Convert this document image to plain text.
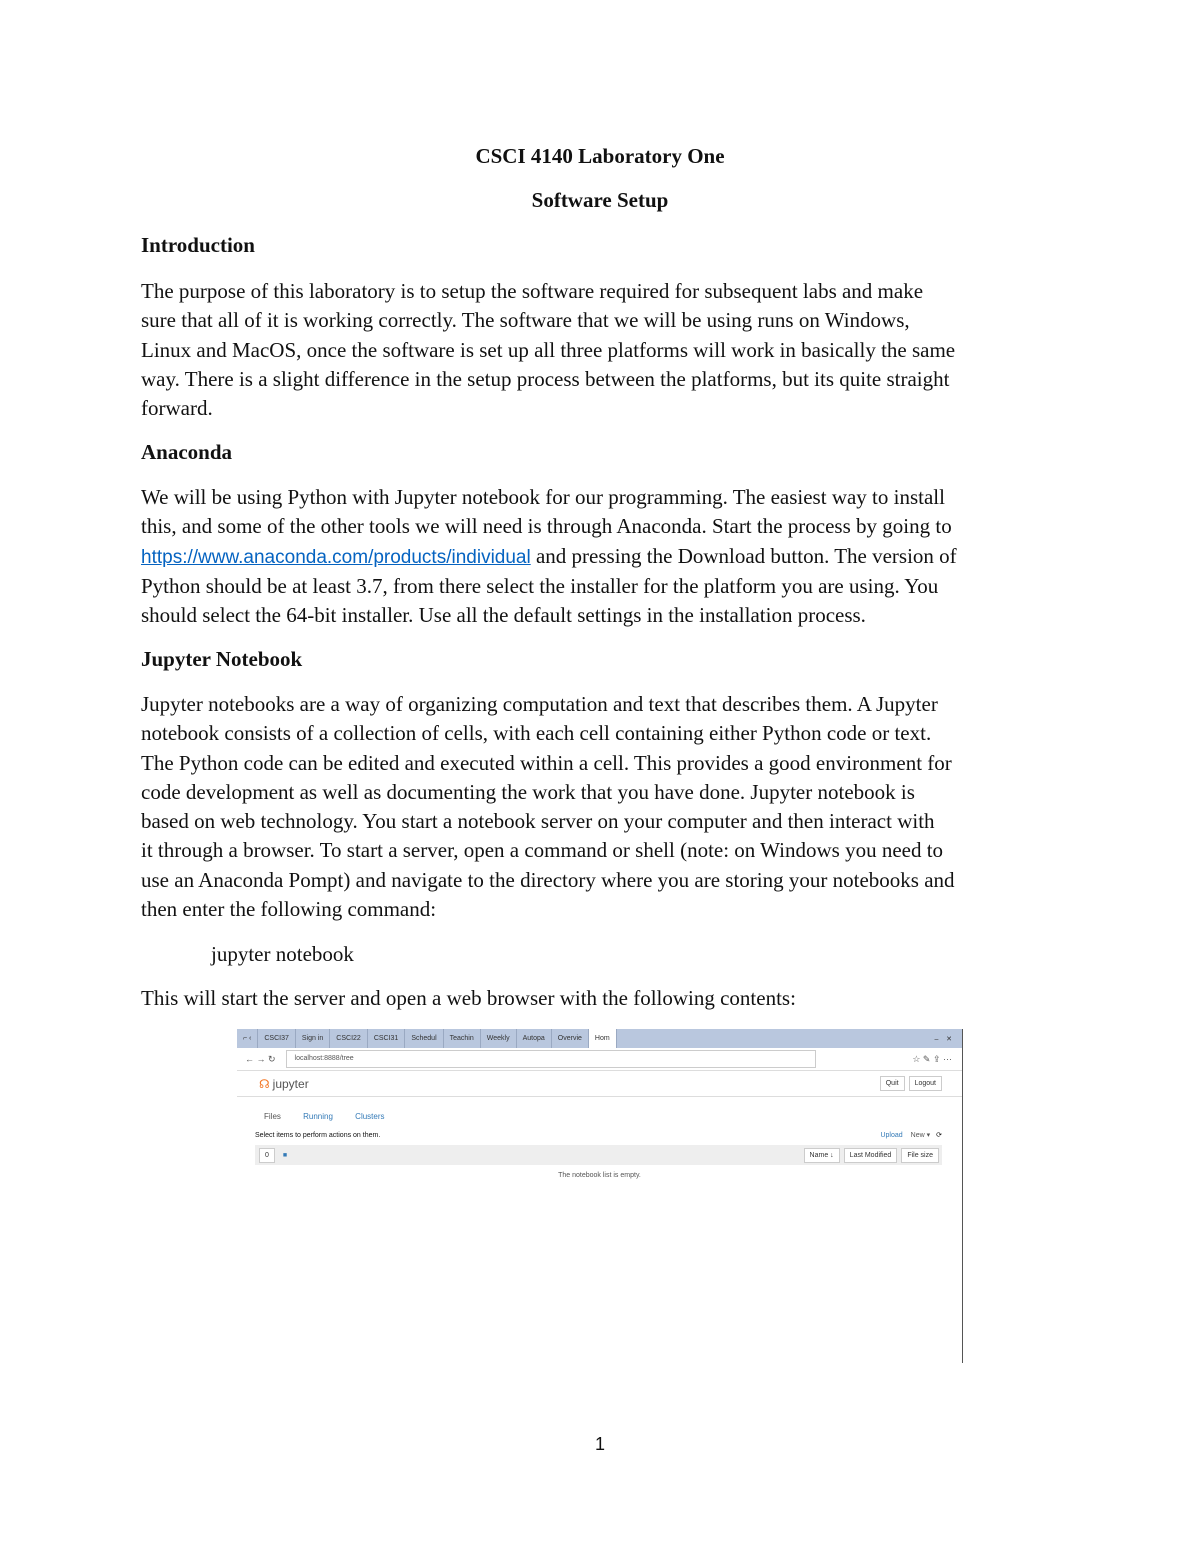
CSCI 4140 Laboratory One
Software Setup
Introduction
The purpose of this laboratory is to setup the software required for subsequent labs and make
sure that all of it is working correctly. The software that we will be using runs on Windows,
Linux and MacOS, once the software is set up all three platforms will work in basically the same
way. There is a slight difference in the setup process between the platforms, but its quite straight
forward.
Anaconda
We will be using Python with Jupyter notebook for our programming. The easiest way to install
this, and some of the other tools we will need is through Anaconda. Start the process by going to
https://www.anaconda.com/products/individual and pressing the Download button. The version of
Python should be at least 3.7, from there select the installer for the platform you are using. You
should select the 64-bit installer. Use all the default settings in the installation process.
Jupyter Notebook
Jupyter notebooks are a way of organizing computation and text that describes them. A Jupyter
notebook consists of a collection of cells, with each cell containing either Python code or text.
The Python code can be edited and executed within a cell. This provides a good environment for
code development as well as documenting the work that you have done. Jupyter notebook is
based on web technology. You start a notebook server on your computer and then interact with
it through a browser. To start a server, open a command or shell (note: on Windows you need to
use an Anaconda Pompt) and navigate to the directory where you are storing your notebooks and
then enter the following command:
jupyter notebook
This will start the server and open a web browser with the following contents:
⌐ ‹	CSCI37	Sign in	CSCI22	CSCI31	Schedul	Teachin	Weekly	Autopa	Overvie	Hom	–    ✕
← → ↻	localhost:8888/tree	☆ ✎ ⇪ ···
☊ jupyter	Quit	Logout
Files	Running	Clusters
Select items to perform actions on them.	Upload New ▾ ⟳
0	■	Name ↓	Last Modified	File size
The notebook list is empty.
1
